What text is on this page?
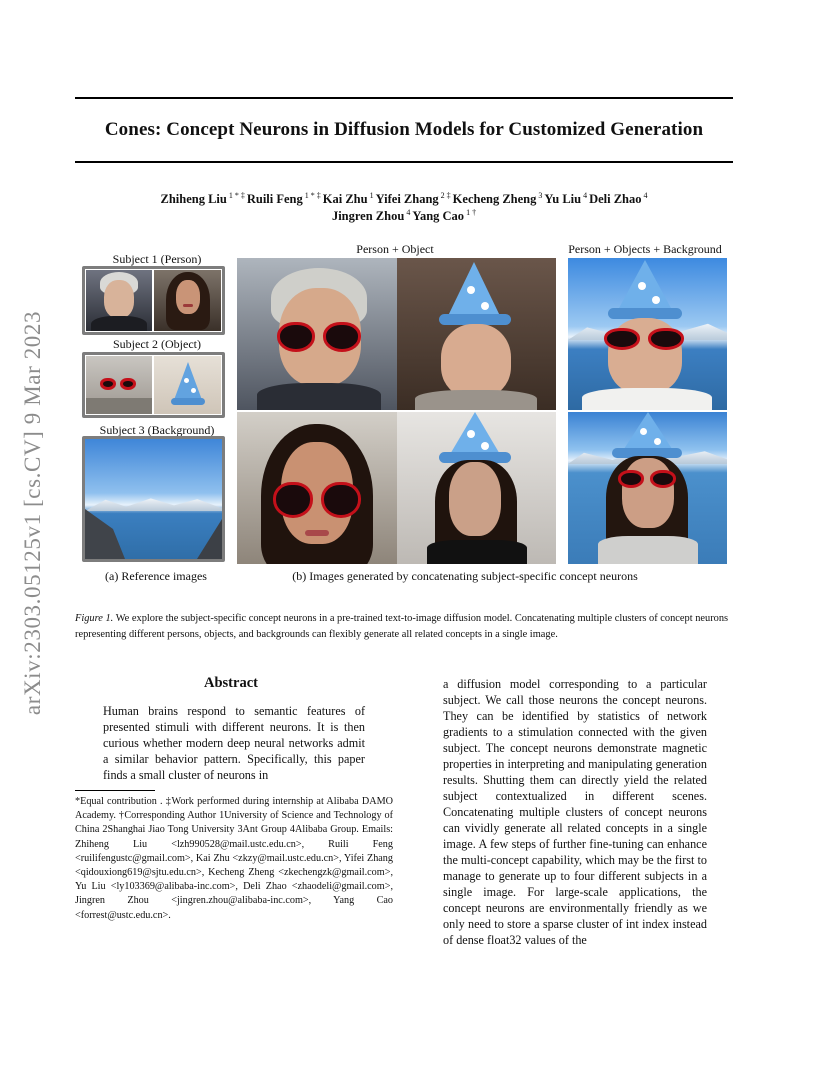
Cones: Concept Neurons in Diffusion Models for Customized Generation
Zhiheng Liu $^{1 * \ddagger}$ Ruili Feng $^{1 * \ddagger}$ Kai Zhu $^1$ Yifei Zhang $^{2 \ddagger}$ Kecheng Zheng $^3$ Yu Liu $^4$ Deli Zhao $^4$
Jingren Zhou $^4$ Yang Cao $^{1 \dagger}$
arXiv:2303.05125v1 [cs.CV] 9 Mar 2023
Subject 1 (Person)
Person + Object	Person + Objects + Background
Subject 2 (Object)
Subject 3 (Background)
(a) Reference images	(b) Images generated by concatenating subject-specific concept neurons
Figure 1. We explore the subject-specific concept neurons in a pre-trained text-to-image diffusion model. Concatenating multiple clusters of concept neurons representing different persons, objects, and backgrounds can flexibly generate all related concepts in a single image.
Abstract

Human brains respond to semantic features of presented stimuli with different neurons. It is then curious whether modern deep neural networks admit a similar behavior pattern. Specifically, this paper finds a small cluster of neurons in

a diffusion model corresponding to a particular subject. We call those neurons the concept neurons. They can be identified by statistics of network gradients to a stimulation connected with the given subject. The concept neurons demonstrate magnetic properties in interpreting and manipulating generation results. Shutting them can directly yield the related subject contextualized in different scenes. Concatenating multiple clusters of concept neurons can vividly generate all related concepts in a single image. A few steps of further fine-tuning can enhance the multi-concept capability, which may be the first to manage to generate up to four different subjects in a single image. For large-scale applications, the concept neurons are environmentally friendly as we only need to store a sparse cluster of int index instead of dense float32 values of the

*Equal contribution . ‡Work performed during internship at Alibaba DAMO Academy. †Corresponding Author 1University of Science and Technology of China 2Shanghai Jiao Tong University 3Ant Group 4Alibaba Group. Emails: Zhiheng Liu <lzh990528@mail.ustc.edu.cn>, Ruili Feng <ruilifengustc@gmail.com>, Kai Zhu <zkzy@mail.ustc.edu.cn>, Yifei Zhang <qidouxiong619@sjtu.edu.cn>, Kecheng Zheng <zkechengzk@gmail.com>, Yu Liu <ly103369@alibaba-inc.com>, Deli Zhao <zhaodeli@gmail.com>, Jingren Zhou <jingren.zhou@alibaba-inc.com>, Yang Cao <forrest@ustc.edu.cn>.
